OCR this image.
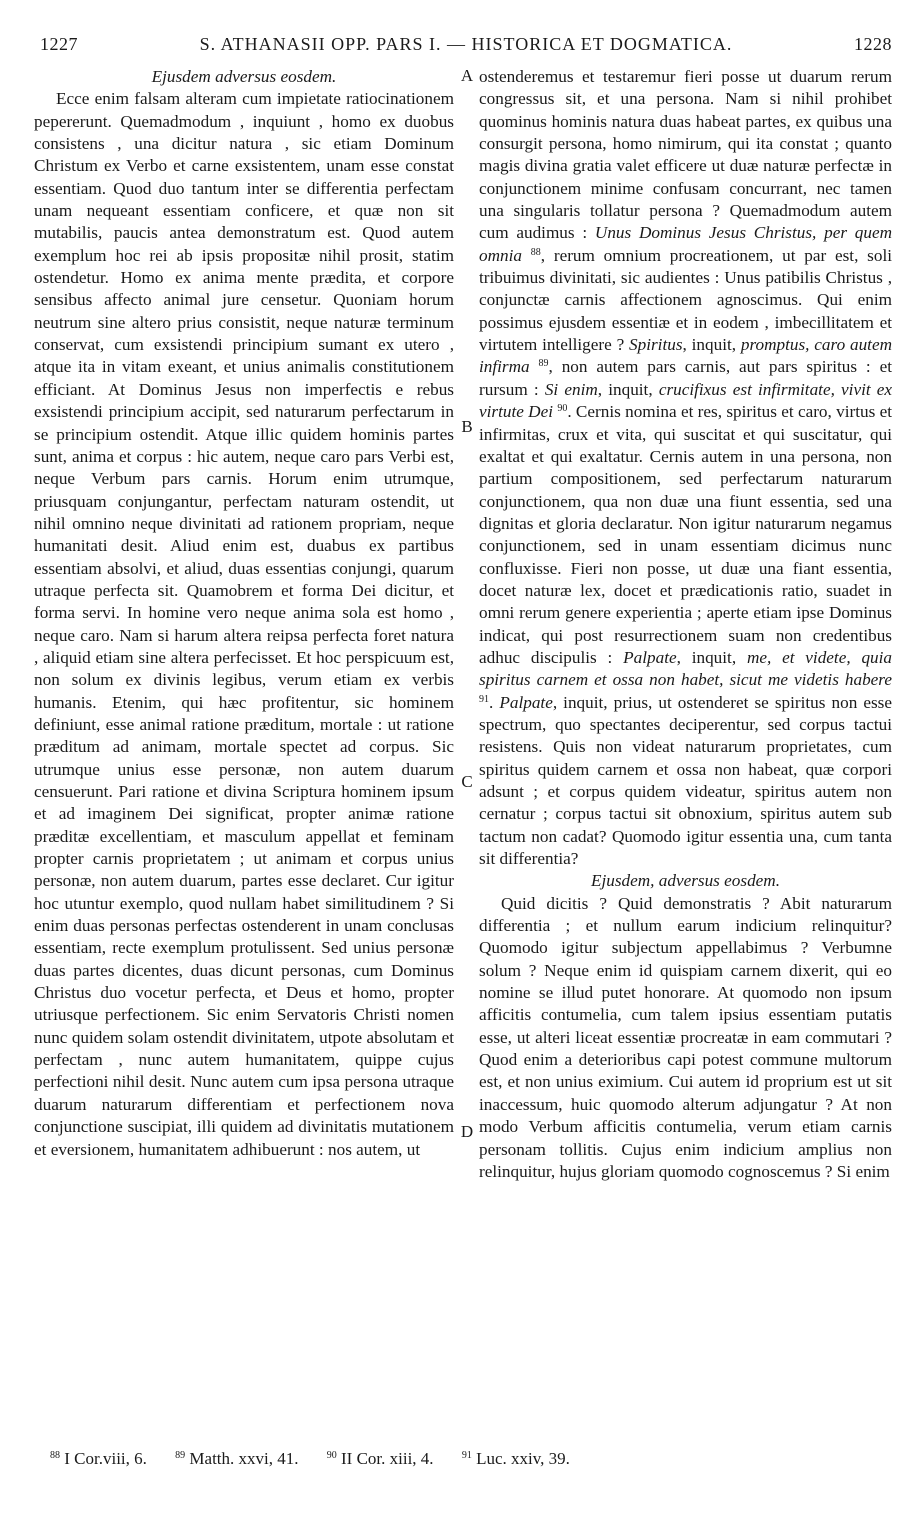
1227	S. ATHANASII OPP. PARS I. — HISTORICA ET DOGMATICA.	1228
A
B
C
D

Ejusdem adversus eosdem.

Ecce enim falsam alteram cum impietate ratiocinationem pepererunt. Quemadmodum , inquiunt , homo ex duobus consistens , una dicitur natura , sic etiam Dominum Christum ex Verbo et carne exsistentem, unam esse constat essentiam. Quod duo tantum inter se differentia perfectam unam nequeant essentiam conficere, et quæ non sit mutabilis, paucis antea demonstratum est. Quod autem exemplum hoc rei ab ipsis propositæ nihil prosit, statim ostendetur. Homo ex anima mente prædita, et corpore sensibus affecto animal jure censetur. Quoniam horum neutrum sine altero prius consistit, neque naturæ terminum conservat, cum exsistendi principium sumant ex utero , atque ita in vitam exeant, et unius animalis constitutionem efficiant. At Dominus Jesus non imperfectis e rebus exsistendi principium accipit, sed naturarum perfectarum in se principium ostendit. Atque illic quidem hominis partes sunt, anima et corpus : hic autem, neque caro pars Verbi est, neque Verbum pars carnis. Horum enim utrumque, priusquam conjungantur, perfectam naturam ostendit, ut nihil omnino neque divinitati ad rationem propriam, neque humanitati desit. Aliud enim est, duabus ex partibus essentiam absolvi, et aliud, duas essentias conjungi, quarum utraque perfecta sit. Quamobrem et forma Dei dicitur, et forma servi. In homine vero neque anima sola est homo , neque caro. Nam si harum altera reipsa perfecta foret natura , aliquid etiam sine altera perfecisset. Et hoc perspicuum est, non solum ex divinis legibus, verum etiam ex verbis humanis. Etenim, qui hæc profitentur, sic hominem definiunt, esse animal ratione præditum, mortale : ut ratione præditum ad animam, mortale spectet ad corpus. Sic utrumque unius esse personæ, non autem duarum censuerunt. Pari ratione et divina Scriptura hominem ipsum et ad imaginem Dei significat, propter animæ ratione præditæ excellentiam, et masculum appellat et feminam propter carnis proprietatem ; ut animam et corpus unius personæ, non autem duarum, partes esse declaret. Cur igitur hoc utuntur exemplo, quod nullam habet similitudinem ? Si enim duas personas perfectas ostenderent in unam conclusas essentiam, recte exemplum protulissent. Sed unius personæ duas partes dicentes, duas dicunt personas, cum Dominus Christus duo vocetur perfecta, et Deus et homo, propter utriusque perfectionem. Sic enim Servatoris Christi nomen nunc quidem solam ostendit divinitatem, utpote absolutam et perfectam , nunc autem humanitatem, quippe cujus perfectioni nihil desit. Nunc autem cum ipsa persona utraque duarum naturarum differentiam et perfectionem nova conjunctione suscipiat, illi quidem ad divinitatis mutationem et eversionem, humanitatem adhibuerunt : nos autem, ut

ostenderemus et testaremur fieri posse ut duarum rerum congressus sit, et una persona. Nam si nihil prohibet quominus hominis natura duas habeat partes, ex quibus una consurgit persona, homo nimirum, qui ita constat ; quanto magis divina gratia valet efficere ut duæ naturæ perfectæ in conjunctionem minime confusam concurrant, nec tamen una singularis tollatur persona ? Quemadmodum autem cum audimus : Unus Dominus Jesus Christus, per quem omnia $^{88}$, rerum omnium procreationem, ut par est, soli tribuimus divinitati, sic audientes : Unus patibilis Christus , conjunctæ carnis affectionem agnoscimus. Qui enim possimus ejusdem essentiæ et in eodem , imbecillitatem et virtutem intelligere ? Spiritus, inquit, promptus, caro autem infirma $^{89}$, non autem pars carnis, aut pars spiritus : et rursum : Si enim, inquit, crucifixus est infirmitate, vivit ex virtute Dei $^{90}$. Cernis nomina et res, spiritus et caro, virtus et infirmitas, crux et vita, qui suscitat et qui suscitatur, qui exaltat et qui exaltatur. Cernis autem in una persona, non partium compositionem, sed perfectarum naturarum conjunctionem, qua non duæ una fiunt essentia, sed una dignitas et gloria declaratur. Non igitur naturarum negamus conjunctionem, sed in unam essentiam dicimus nunc confluxisse. Fieri non posse, ut duæ una fiant essentia, docet naturæ lex, docet et prædicationis ratio, suadet in omni rerum genere experientia ; aperte etiam ipse Dominus indicat, qui post resurrectionem suam non credentibus adhuc discipulis : Palpate, inquit, me, et videte, quia spiritus carnem et ossa non habet, sicut me videtis habere $^{91}$. Palpate, inquit, prius, ut ostenderet se spiritus non esse spectrum, quo spectantes deciperentur, sed corpus tactui resistens. Quis non videat naturarum proprietates, cum spiritus quidem carnem et ossa non habeat, quæ corpori adsunt ; et corpus quidem videatur, spiritus autem non cernatur ; corpus tactui sit obnoxium, spiritus autem sub tactum non cadat? Quomodo igitur essentia una, cum tanta sit differentia?

Ejusdem, adversus eosdem.

Quid dicitis ? Quid demonstratis ? Abit naturarum differentia ; et nullum earum indicium relinquitur? Quomodo igitur subjectum appellabimus ? Verbumne solum ? Neque enim id quispiam carnem dixerit, qui eo nomine se illud putet honorare. At quomodo non ipsum afficitis contumelia, cum talem ipsius essentiam putatis esse, ut alteri liceat essentiæ procreatæ in eam commutari ? Quod enim a deterioribus capi potest commune multorum est, et non unius eximium. Cui autem id proprium est ut sit inaccessum, huic quomodo alterum adjungatur ? At non modo Verbum afficitis contumelia, verum etiam carnis personam tollitis. Cujus enim indicium amplius non relinquitur, hujus gloriam quomodo cognoscemus ? Si enim

$^{88}$ I Cor.viii, 6.	$^{89}$ Matth. xxvi, 41.	$^{90}$ II Cor. xiii, 4.	$^{91}$ Luc. xxiv, 39.
